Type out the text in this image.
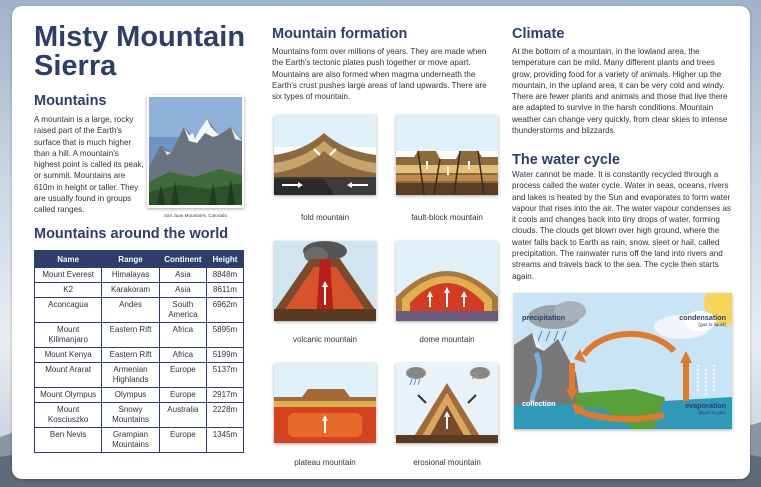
Misty Mountain Sierra
Mountains

A mountain is a large, rocky raised part of the Earth's surface that is much higher than a hill. A mountain's highest point is called its peak, or summit. Mountains are 610m in height or taller. They are usually found in groups called ranges.

San Juan Mountains, Colorado
Mountains around the world
Name	Range	Continent	Height
Mount Everest	Himalayas	Asia	8848m
K2	Karakoram	Asia	8611m
Aconcagua	Andes	South America	6962m
Mount Kilimanjaro	Eastern Rift	Africa	5895m
Mount Kenya	Eastern Rift	Africa	5199m
Mount Ararat	Armenian Highlands	Europe	5137m
Mount Olympus	Olympus	Europe	2917m
Mount Kosciuszko	Snowy Mountains	Australia	2228m
Ben Nevis	Grampian Mountains	Europe	1345m
Mountain formation

Mountains form over millions of years. They are made when the Earth's tectonic plates push together or move apart. Mountains are also formed when magma underneath the Earth's crust pushes large areas of land upwards. There are six types of mountain.

fold mountain	fault-block mountain
volcanic mountain	dome mountain
plateau mountain	erosional mountain
Climate

At the bottom of a mountain, in the lowland area, the temperature can be mild. Many different plants and trees grow, providing food for a variety of animals. Higher up the mountain, in the upland area, it can be very cold and windy. There are fewer plants and animals and those that live there are adapted to survive in the harsh conditions. Mountain weather can change very quickly, from clear skies to intense thunderstorms and blizzards.

The water cycle

Water cannot be made. It is constantly recycled through a process called the water cycle. Water in seas, oceans, rivers and lakes is heated by the Sun and evaporates to form water vapour that rises into the air. The water vapour condenses as it cools and changes back into tiny drops of water, forming clouds. The clouds get blown over high ground, where the water falls back to Earth as rain, snow, sleet or hail, called precipitation. The rainwater runs off the land into rivers and streams and travels back to the sea. The cycle then starts again.

precipitation	condensation
(gas to liquid)
collection	evaporation
(liquid to gas)
